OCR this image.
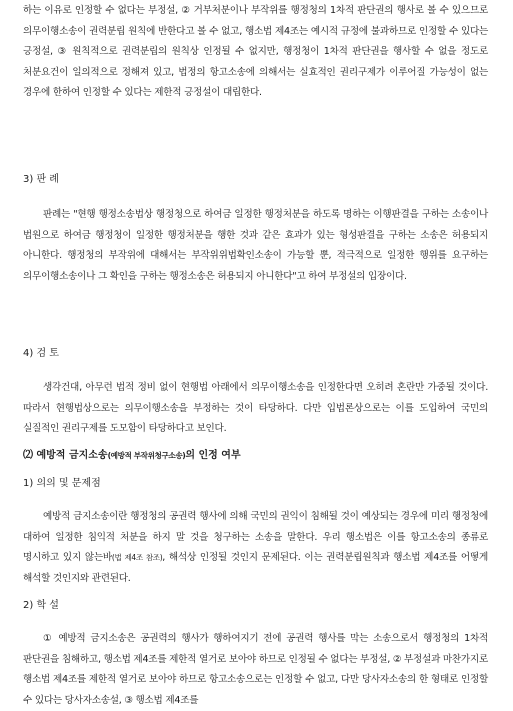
하는 이유로 인정할 수 없다는 부정설, ② 거부처분이나 부작위를 행정청의 1차적 판단권의 행사로 볼 수 있으므로 의무이행소송이 권력분립 원칙에 반한다고 볼 수 없고, 행소법 제4조는 예시적 규정에 불과하므로 인정할 수 있다는 긍정설, ③ 원칙적으로 권력분립의 원칙상 인정될 수 없지만, 행정청이 1차적 판단권을 행사할 수 없을 정도로 처분요건이 일의적으로 정해져 있고, 법정의 항고소송에 의해서는 실효적인 권리구제가 이루어질 가능성이 없는 경우에 한하여 인정할 수 있다는 제한적 긍정설이 대립한다.

3) 판 례

판례는 "현행 행정소송법상 행정청으로 하여금 일정한 행정처분을 하도록 명하는 이행판결을 구하는 소송이나 법원으로 하여금 행정청이 일정한 행정처분을 행한 것과 같은 효과가 있는 형성판결을 구하는 소송은 허용되지 아니한다. 행정청의 부작위에 대해서는 부작위위법확인소송이 가능할 뿐, 적극적으로 일정한 행위를 요구하는 의무이행소송이나 그 확인을 구하는 행정소송은 허용되지 아니한다"고 하여 부정설의 입장이다.

4) 검 토

생각건대, 아무런 법적 정비 없이 현행법 아래에서 의무이행소송을 인정한다면 오히려 혼란만 가중될 것이다. 따라서 현행법상으로는 의무이행소송을 부정하는 것이 타당하다. 다만 입법론상으로는 이를 도입하여 국민의 실질적인 권리구제를 도모함이 타당하다고 보인다.

⑵ 예방적 금지소송(예방적 부작위청구소송)의 인정 여부

1) 의의 및 문제점

예방적 금지소송이란 행정청의 공권력 행사에 의해 국민의 권익이 침해될 것이 예상되는 경우에 미리 행정청에 대하여 일정한 침익적 처분을 하지 말 것을 청구하는 소송을 말한다. 우리 행소법은 이를 항고소송의 종류로 명시하고 있지 않는바(법 제4조 참조), 해석상 인정될 것인지 문제된다. 이는 권력분립원칙과 행소법 제4조를 어떻게 해석할 것인지와 관련된다.

2) 학 설

① 예방적 금지소송은 공권력의 행사가 행하여지기 전에 공권력 행사를 막는 소송으로서 행정청의 1차적 판단권을 침해하고, 행소법 제4조를 제한적 열거로 보아야 하므로 인정될 수 없다는 부정설, ② 부정설과 마찬가지로 행소법 제4조를 제한적 열거로 보아야 하므로 항고소송으로는 인정할 수 없고, 다만 당사자소송의 한 형태로 인정할 수 있다는 당사자소송설, ③ 행소법 제4조를
